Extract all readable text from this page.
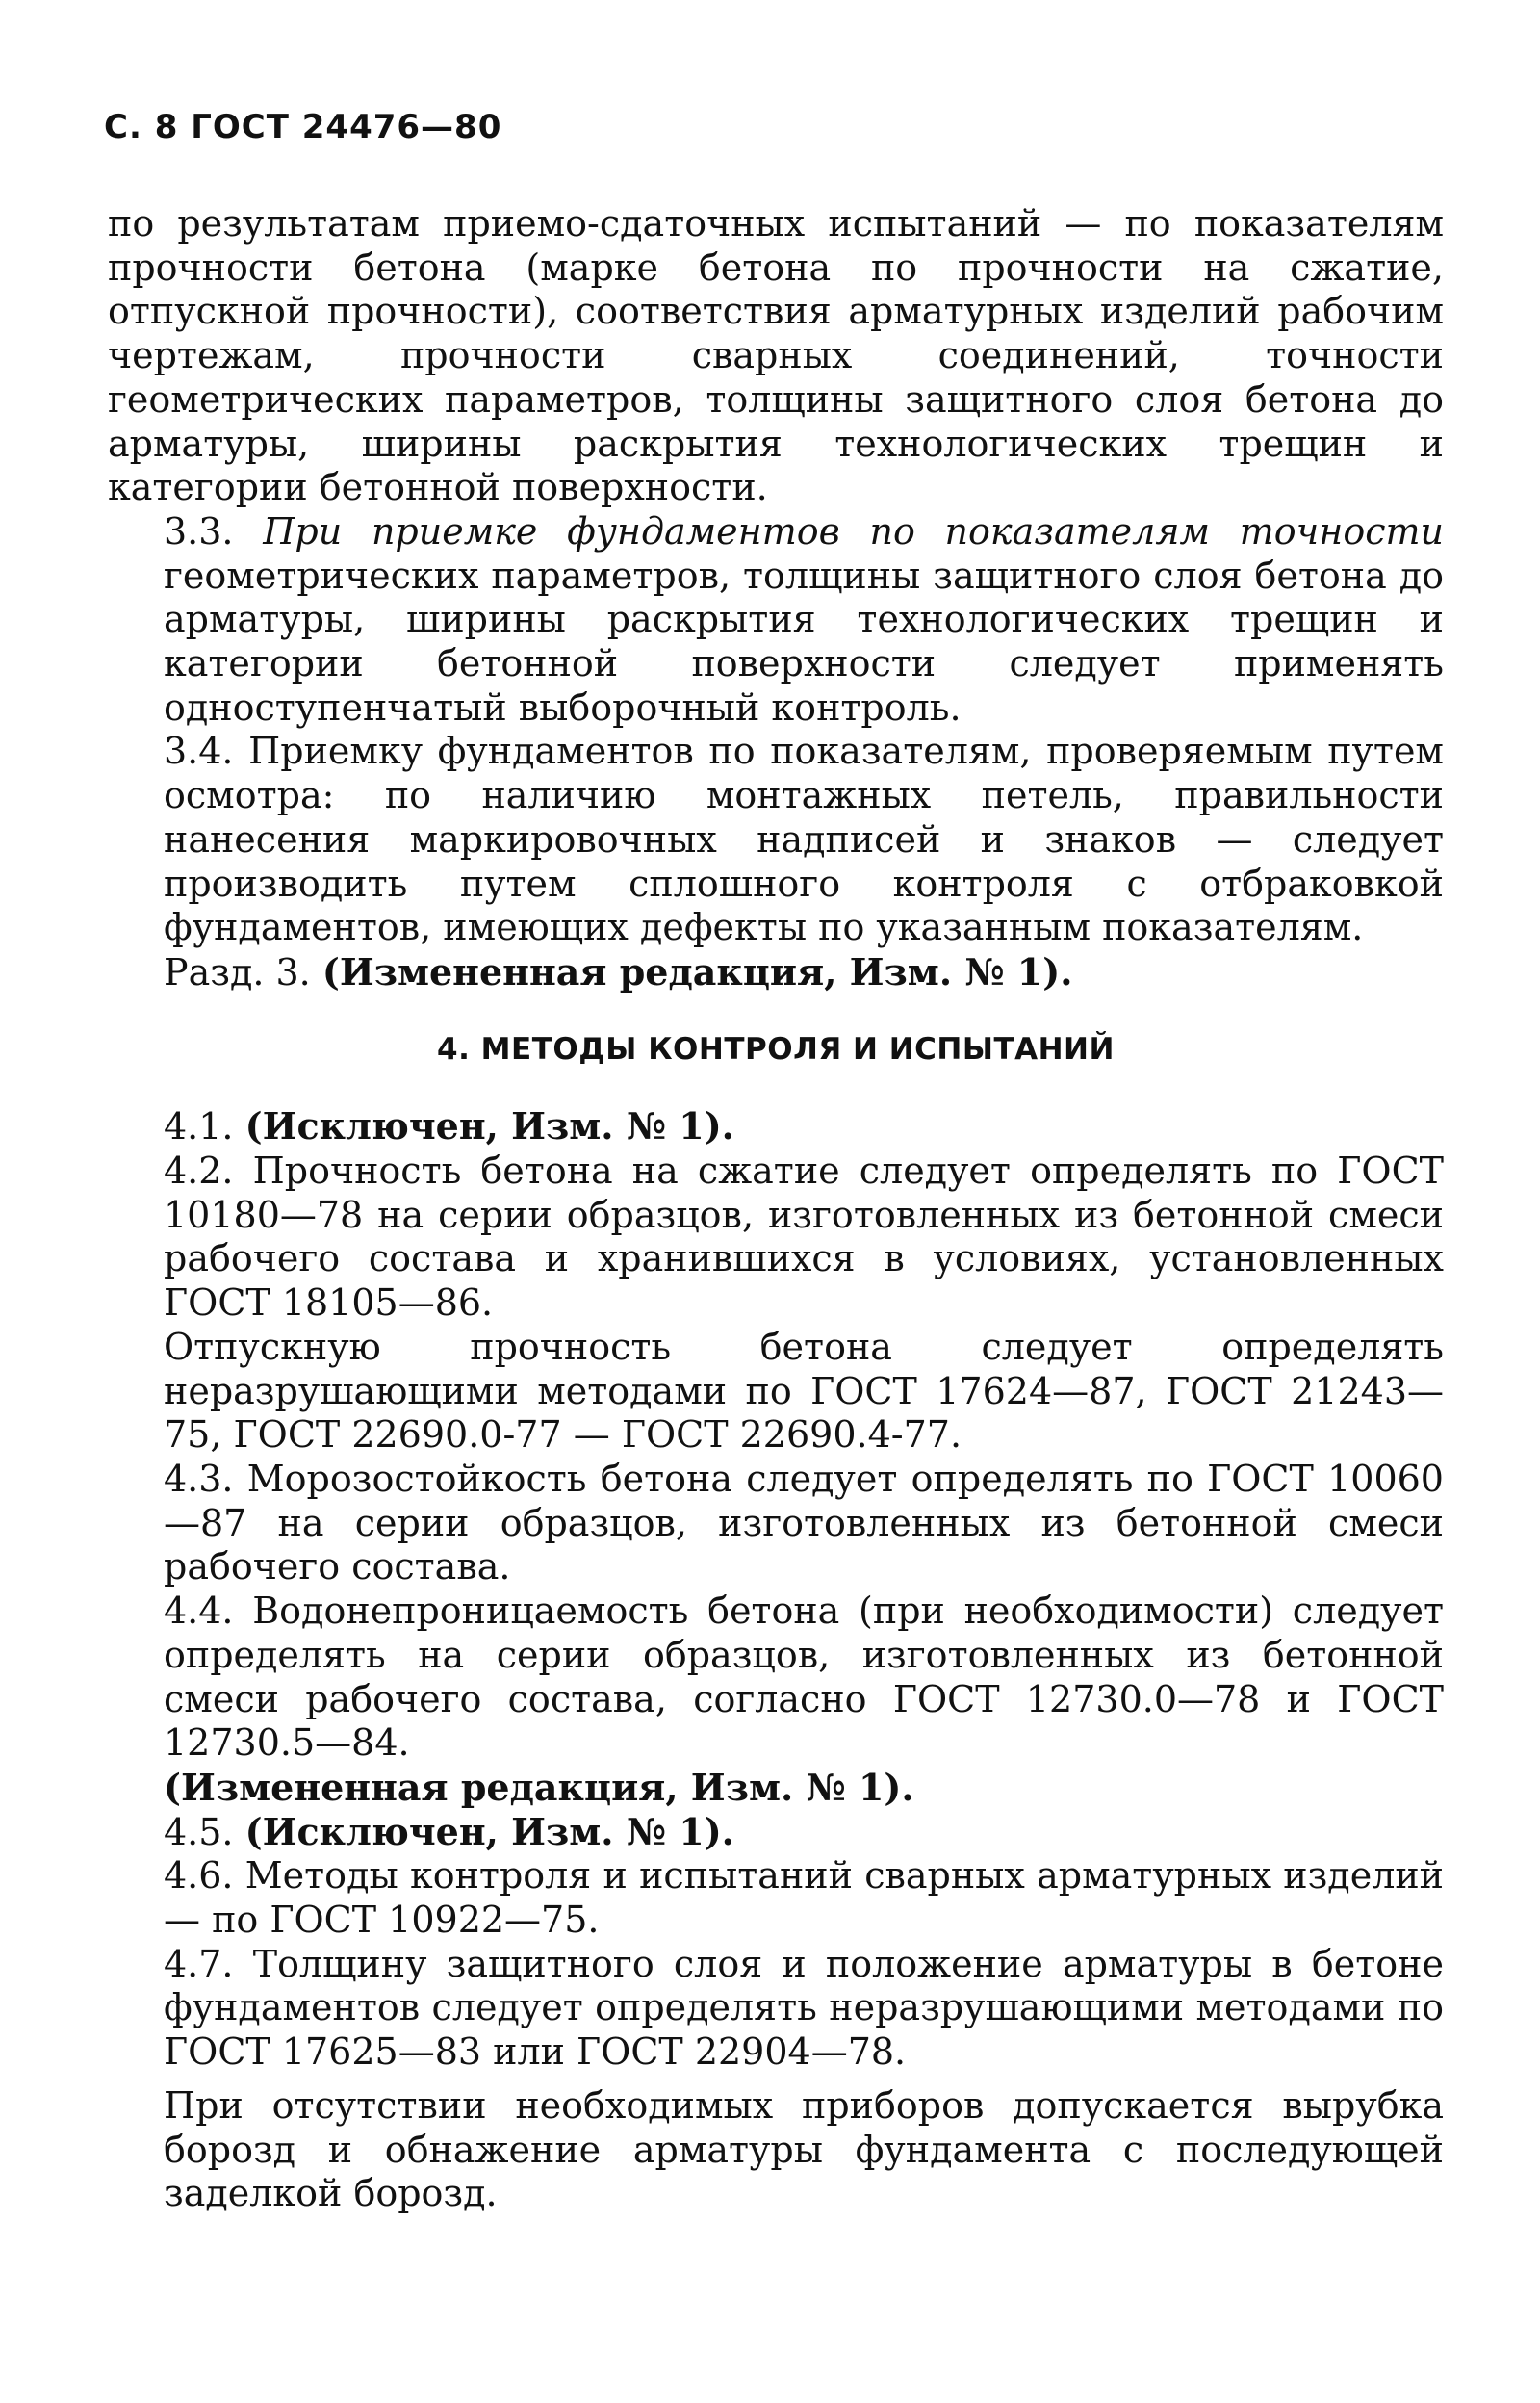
С. 8 ГОСТ 24476—80

по результатам приемо-сдаточных испытаний — по показателям прочности бетона (марке бетона по прочности на сжатие, отпускной прочности), соответствия арматурных изделий рабочим чертежам, прочности сварных соединений, точности геометрических параметров, толщины защитного слоя бетона до арматуры, ширины раскрытия технологических трещин и категории бетонной поверхности.

3.3. При приемке фундаментов по показателям точности геометрических параметров, толщины защитного слоя бетона до арматуры, ширины раскрытия технологических трещин и категории бетонной поверхности следует применять одноступенчатый выборочный контроль.

3.4. Приемку фундаментов по показателям, проверяемым путем осмотра: по наличию монтажных петель, правильности нанесения маркировочных надписей и знаков — следует производить путем сплошного контроля с отбраковкой фундаментов, имеющих дефекты по указанным показателям.

Разд. 3. (Измененная редакция, Изм. № 1).

4. МЕТОДЫ КОНТРОЛЯ И ИСПЫТАНИЙ

4.1. (Исключен, Изм. № 1).

4.2. Прочность бетона на сжатие следует определять по ГОСТ 10180—78 на серии образцов, изготовленных из бетонной смеси рабочего состава и хранившихся в условиях, установленных ГОСТ 18105—86.

Отпускную прочность бетона следует определять неразрушающими методами по ГОСТ 17624—87, ГОСТ 21243—75, ГОСТ 22690.0-77 — ГОСТ 22690.4-77.

4.3. Морозостойкость бетона следует определять по ГОСТ 10060—87 на серии образцов, изготовленных из бетонной смеси рабочего состава.

4.4. Водонепроницаемость бетона (при необходимости) следует определять на серии образцов, изготовленных из бетонной смеси рабочего состава, согласно ГОСТ 12730.0—78 и ГОСТ 12730.5—84.

(Измененная редакция, Изм. № 1).

4.5. (Исключен, Изм. № 1).

4.6. Методы контроля и испытаний сварных арматурных изделий — по ГОСТ 10922—75.

4.7. Толщину защитного слоя и положение арматуры в бетоне фундаментов следует определять неразрушающими методами по ГОСТ 17625—83 или ГОСТ 22904—78.

При отсутствии необходимых приборов допускается вырубка борозд и обнажение арматуры фундамента с последующей заделкой борозд.
